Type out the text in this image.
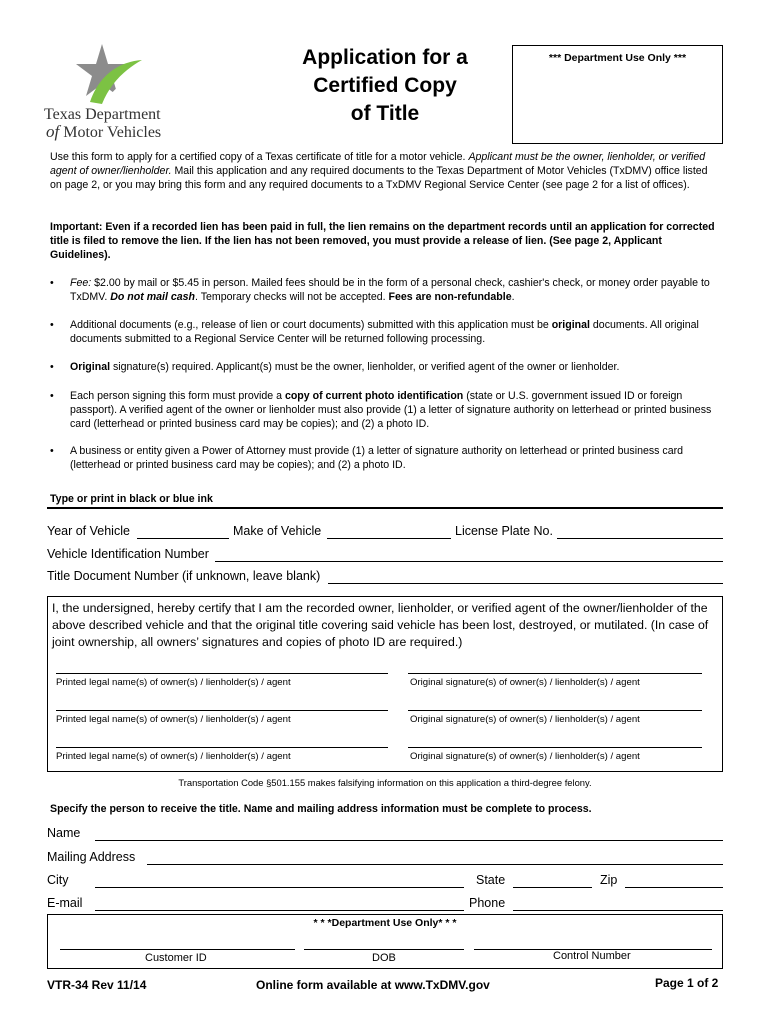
Texas Department
of Motor Vehicles
Application for a
Certified Copy
of Title
*** Department Use Only ***
Use this form to apply for a certified copy of a Texas certificate of title for a motor vehicle. Applicant must be the owner, lienholder, or verified agent of owner/lienholder. Mail this application and any required documents to the Texas Department of Motor Vehicles (TxDMV) office listed on page 2, or you may bring this form and any required documents to a TxDMV Regional Service Center (see page 2 for a list of offices).
Important: Even if a recorded lien has been paid in full, the lien remains on the department records until an application for corrected title is filed to remove the lien. If the lien has not been removed, you must provide a release of lien. (See page 2, Applicant Guidelines).
• Fee: $2.00 by mail or $5.45 in person. Mailed fees should be in the form of a personal check, cashier's check, or money order payable to TxDMV. Do not mail cash. Temporary checks will not be accepted. Fees are non-refundable.
• Additional documents (e.g., release of lien or court documents) submitted with this application must be original documents. All original documents submitted to a Regional Service Center will be returned following processing.
• Original signature(s) required. Applicant(s) must be the owner, lienholder, or verified agent of the owner or lienholder.
• Each person signing this form must provide a copy of current photo identification (state or U.S. government issued ID or foreign passport). A verified agent of the owner or lienholder must also provide (1) a letter of signature authority on letterhead or printed business card (letterhead or printed business card may be copies); and (2) a photo ID.
• A business or entity given a Power of Attorney must provide (1) a letter of signature authority on letterhead or printed business card (letterhead or printed business card may be copies); and (2) a photo ID.
Type or print in black or blue ink
Year of Vehicle	Make of Vehicle	License Plate No.
Vehicle Identification Number
Title Document Number (if unknown, leave blank)
I, the undersigned, hereby certify that I am the recorded owner, lienholder, or verified agent of the owner/lienholder of the above described vehicle and that the original title covering said vehicle has been lost, destroyed, or mutilated. (In case of joint ownership, all owners’ signatures and copies of photo ID are required.)
Printed legal name(s) of owner(s) / lienholder(s) / agent	Original signature(s) of owner(s) / lienholder(s) / agent
Printed legal name(s) of owner(s) / lienholder(s) / agent	Original signature(s) of owner(s) / lienholder(s) / agent
Printed legal name(s) of owner(s) / lienholder(s) / agent	Original signature(s) of owner(s) / lienholder(s) / agent
Transportation Code §501.155 makes falsifying information on this application a third-degree felony.
Specify the person to receive the title. Name and mailing address information must be complete to process.
Name
Mailing Address
City	State	Zip
E-mail	Phone
* * *Department Use Only* * *
Customer ID	DOB	Control Number
VTR-34 Rev 11/14	Online form available at www.TxDMV.gov	Page 1 of 2
